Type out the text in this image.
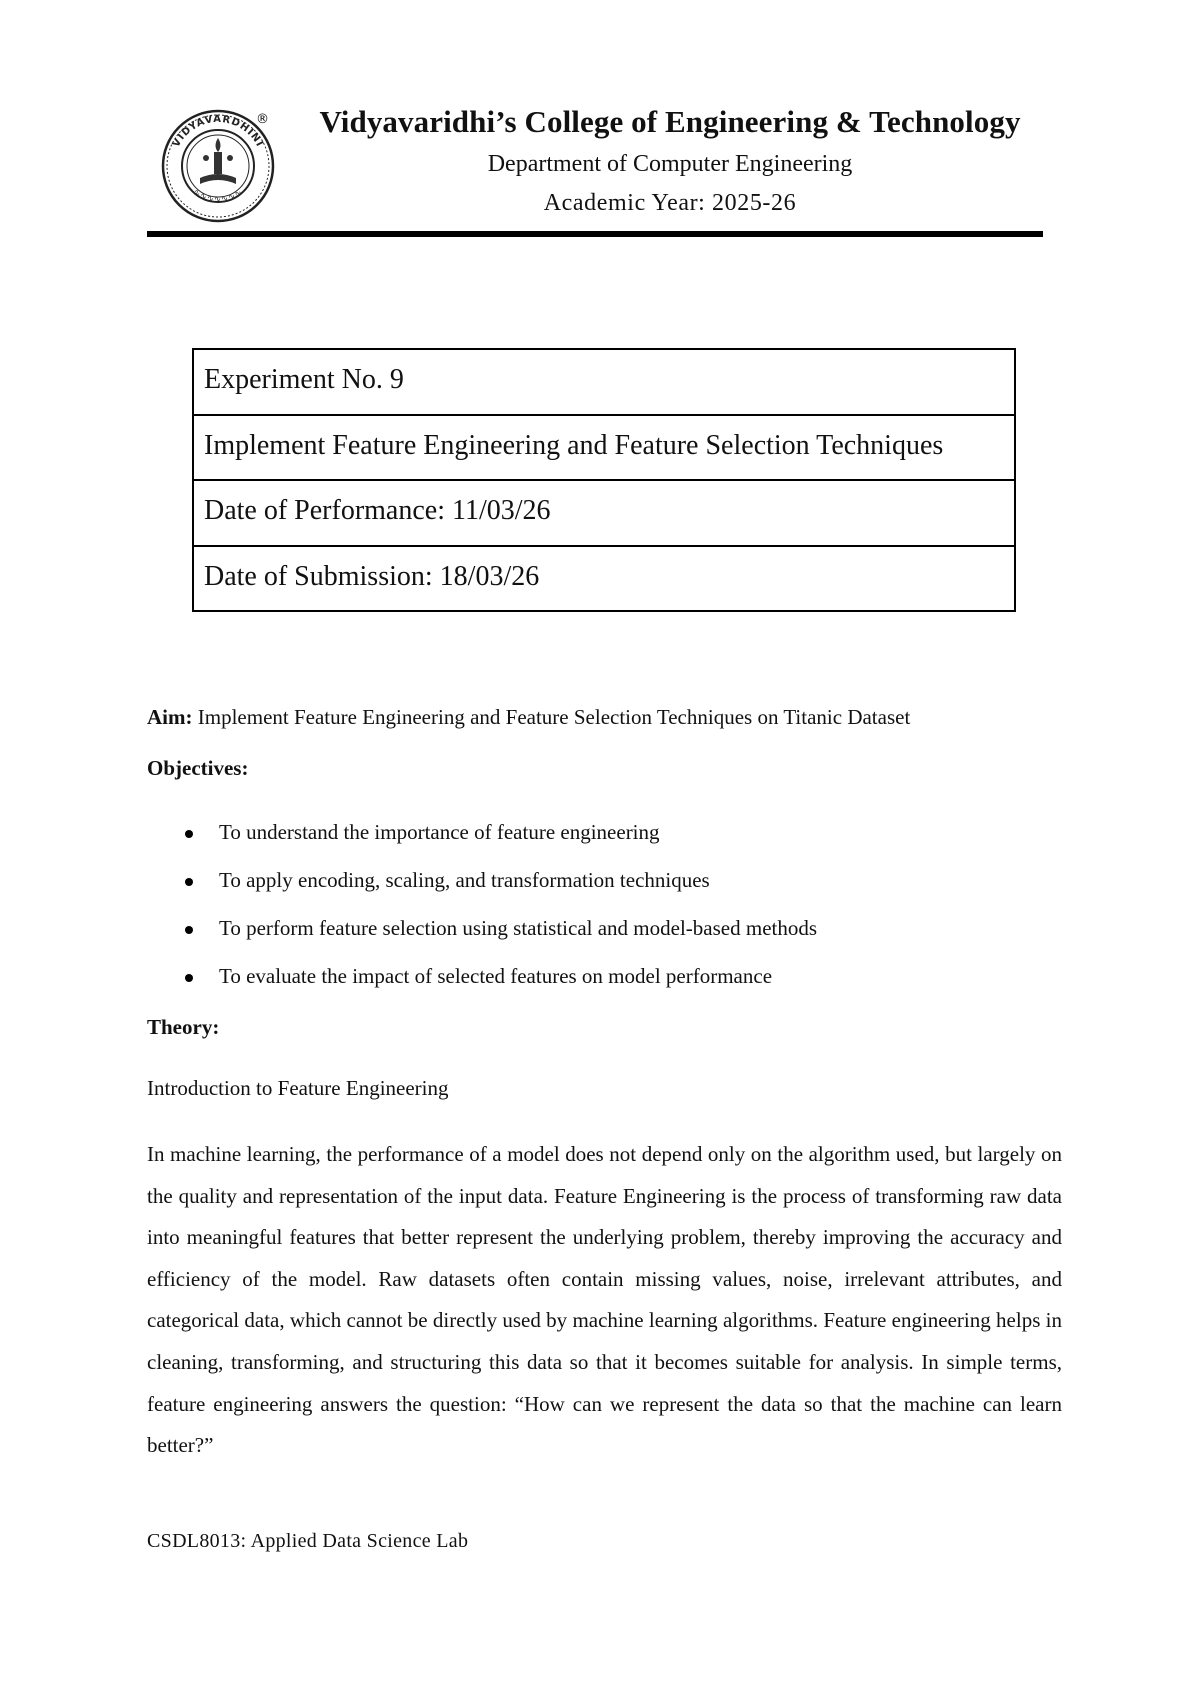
VIDYAVARDHINI
∿∿∿∿∿∿∿
®	Vidyavaridhi’s College of Engineering & Technology
Department of Computer Engineering
Academic Year: 2025-26
Experiment No. 9
Implement Feature Engineering and Feature Selection Techniques
Date of Performance: 11/03/26
Date of Submission: 18/03/26
Aim: Implement Feature Engineering and Feature Selection Techniques on Titanic Dataset
Objectives:
To understand the importance of feature engineering
To apply encoding, scaling, and transformation techniques
To perform feature selection using statistical and model-based methods
To evaluate the impact of selected features on model performance
Theory:
Introduction to Feature Engineering

In machine learning, the performance of a model does not depend only on the algorithm used, but largely on the quality and representation of the input data. Feature Engineering is the process of transforming raw data into meaningful features that better represent the underlying problem, thereby improving the accuracy and efficiency of the model. Raw datasets often contain missing values, noise, irrelevant attributes, and categorical data, which cannot be directly used by machine learning algorithms. Feature engineering helps in cleaning, transforming, and structuring this data so that it becomes suitable for analysis. In simple terms, feature engineering answers the question: “How can we represent the data so that the machine can learn better?”

CSDL8013: Applied Data Science Lab
